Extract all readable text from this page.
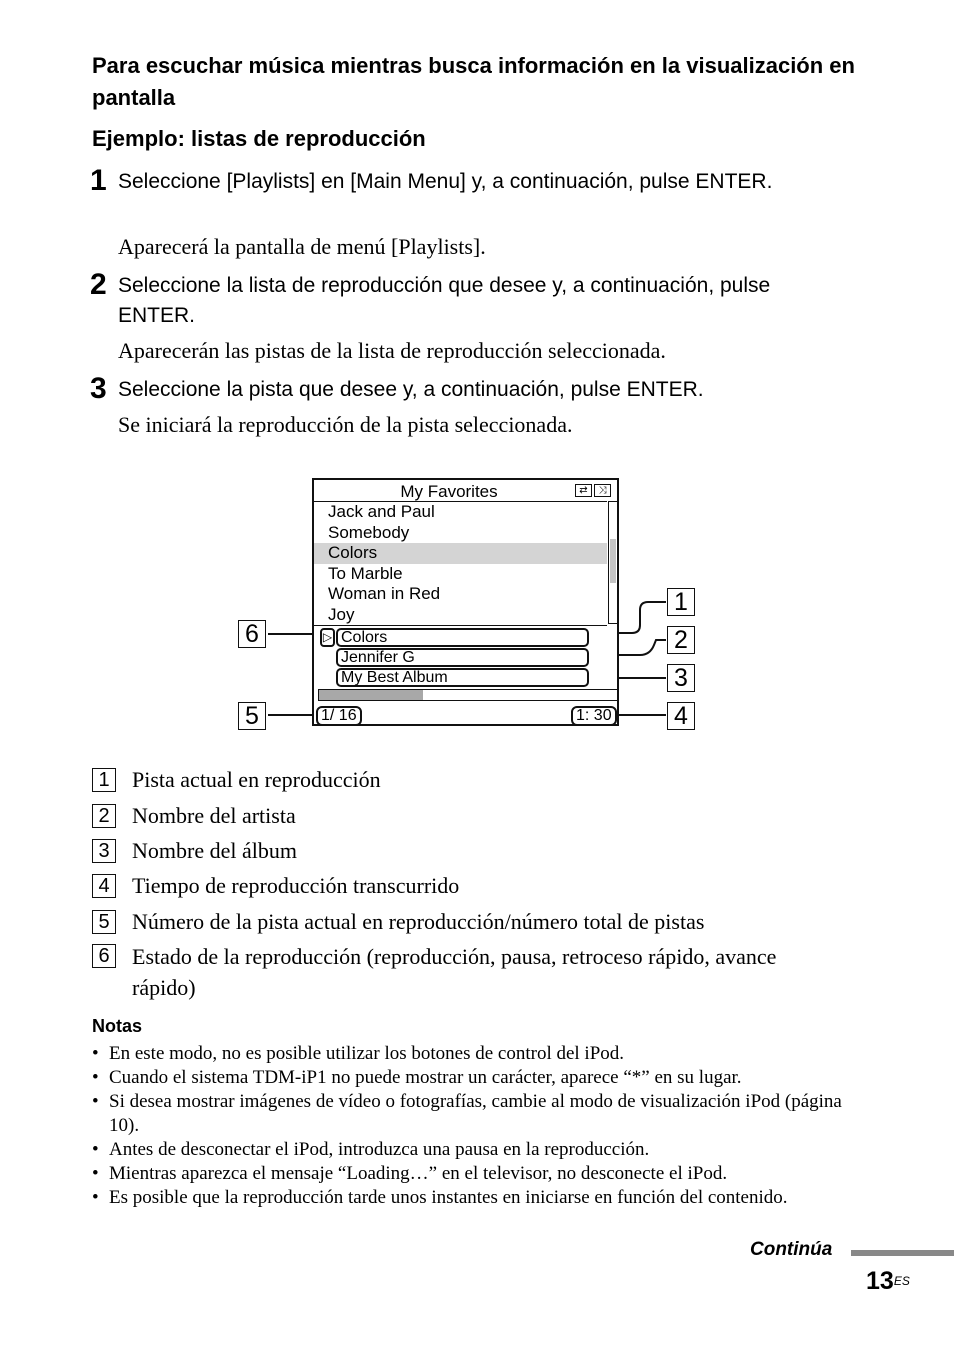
Para escuchar música mientras busca información en la visualización en pantalla
Ejemplo: listas de reproducción
1 Seleccione [Playlists] en [Main Menu] y, a continuación, pulse ENTER.
Aparecerá la pantalla de menú [Playlists].
2 Seleccione la lista de reproducción que desee y, a continuación, pulse ENTER.
Aparecerán las pistas de la lista de reproducción seleccionada.
3 Seleccione la pista que desee y, a continuación, pulse ENTER.
Se iniciará la reproducción de la pista seleccionada.
My Favorites	⇄	⤨
Jack and Paul
Somebody
Colors
To Marble
Woman in Red
Joy
▷ Colors
Jennifer G
My Best Album
1/ 16	1: 30
1
2
3
4
5
6
1 Pista actual en reproducción
2 Nombre del artista
3 Nombre del álbum
4 Tiempo de reproducción transcurrido
5 Número de la pista actual en reproducción/número total de pistas
6 Estado de la reproducción (reproducción, pausa, retroceso rápido, avance rápido)
Notas
• En este modo, no es posible utilizar los botones de control del iPod.
• Cuando el sistema TDM-iP1 no puede mostrar un carácter, aparece “*” en su lugar.
• Si desea mostrar imágenes de vídeo o fotografías, cambie al modo de visualización iPod (página 10).
• Antes de desconectar el iPod, introduzca una pausa en la reproducción.
• Mientras aparezca el mensaje “Loading…” en el televisor, no desconecte el iPod.
• Es posible que la reproducción tarde unos instantes en iniciarse en función del contenido.
Continúa
$13^{ES}$
